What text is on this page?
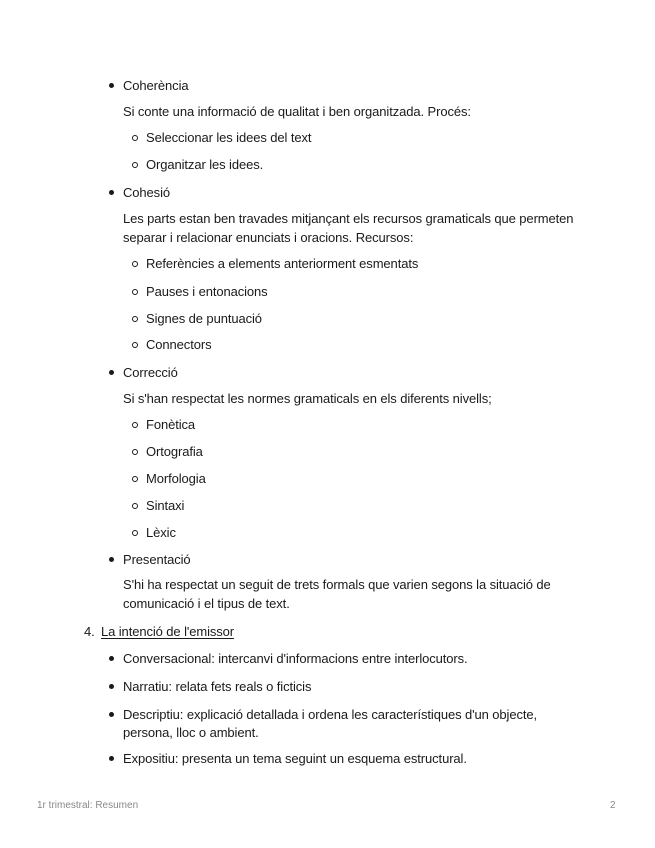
Coherència
Si conte una informació de qualitat i ben organitzada. Procés:
Seleccionar les idees del text
Organitzar les idees.
Cohesió
Les parts estan ben travades mitjançant els recursos gramaticals que permeten
separar i relacionar enunciats i oracions. Recursos:
Referències a elements anteriorment esmentats
Pauses i entonacions
Signes de puntuació
Connectors
Correcció
Si s'han respectat les normes gramaticals en els diferents nivells;
Fonètica
Ortografia
Morfologia
Sintaxi
Lèxic
Presentació
S'hi ha respectat un seguit de trets formals que varien segons la situació de
comunicació i el tipus de text.
4. La intenció de l'emissor
Conversacional: intercanvi d'informacions entre interlocutors.
Narratiu: relata fets reals o ficticis
Descriptiu: explicació detallada i ordena les característiques d'un objecte,
persona, lloc o ambient.
Expositiu: presenta un tema seguint un esquema estructural.
1r trimestral: Resumen	2
